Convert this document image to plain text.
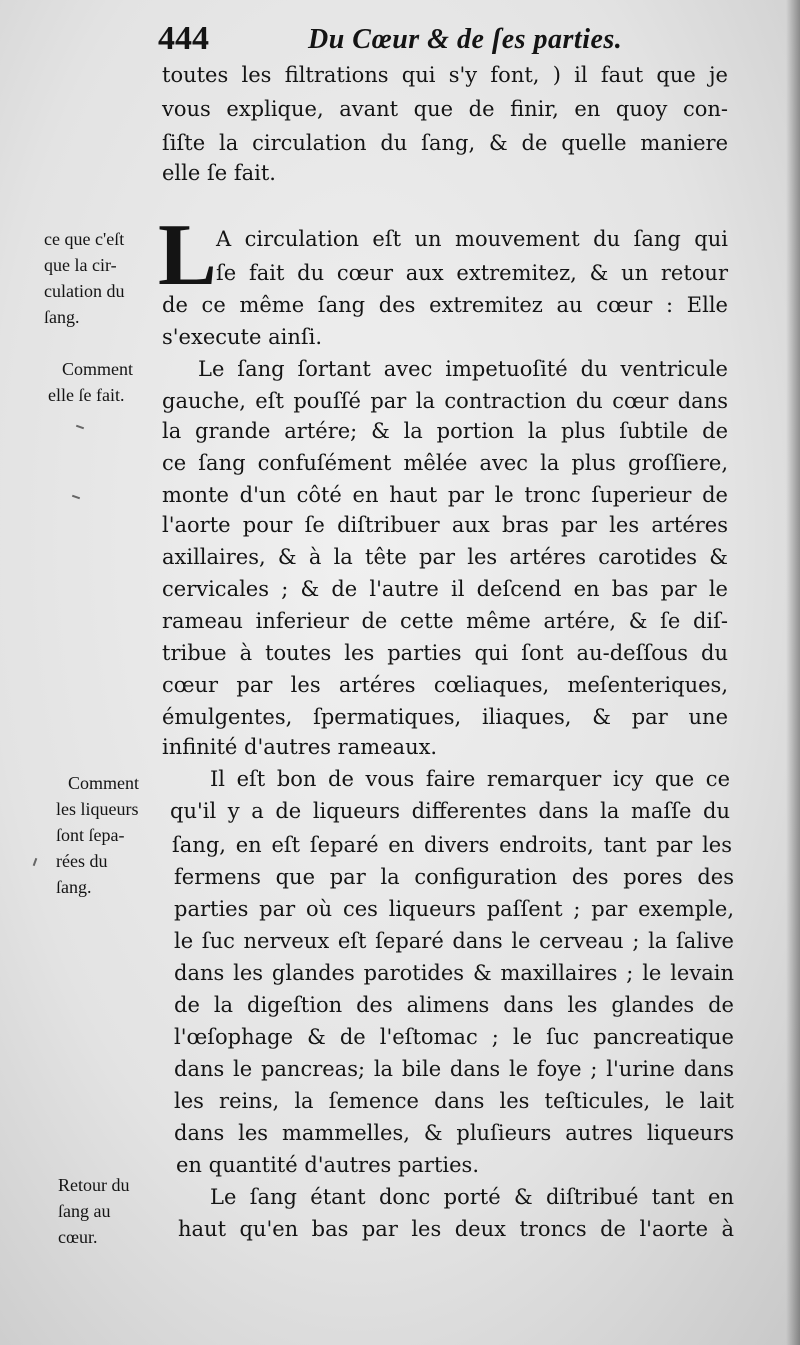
444	Du Cœur & de ſes parties.
toutes les filtrations qui s'y font, ) il faut que je
vous explique, avant que de finir, en quoy con-
ſiſte la circulation du ſang, & de quelle maniere
elle ſe fait.
L A circulation eſt un mouvement du ſang qui
ſe fait du cœur aux extremitez, & un retour
de ce même ſang des extremitez au cœur : Elle
s'execute ainſi.
Le ſang ſortant avec impetuoſité du ventricule
gauche, eſt pouſſé par la contraction du cœur dans
la grande artére; & la portion la plus ſubtile de
ce ſang confuſément mêlée avec la plus groſſiere,
monte d'un côté en haut par le tronc ſuperieur de
l'aorte pour ſe diſtribuer aux bras par les artéres
axillaires, & à la tête par les artéres carotides &
cervicales ; & de l'autre il deſcend en bas par le
rameau inferieur de cette même artére, & ſe diſ-
tribue à toutes les parties qui ſont au-deſſous du
cœur par les artéres cœliaques, meſenteriques,
émulgentes, ſpermatiques, iliaques, & par une
infinité d'autres rameaux.
Il eſt bon de vous faire remarquer icy que ce
qu'il y a de liqueurs differentes dans la maſſe du
ſang, en eſt ſeparé en divers endroits, tant par les
fermens que par la configuration des pores des
parties par où ces liqueurs paſſent ; par exemple,
le ſuc nerveux eſt ſeparé dans le cerveau ; la ſalive
dans les glandes parotides & maxillaires ; le levain
de la digeſtion des alimens dans les glandes de
l'œſophage & de l'eſtomac ; le ſuc pancreatique
dans le pancreas; la bile dans le foye ; l'urine dans
les reins, la ſemence dans les teſticules, le lait
dans les mammelles, & pluſieurs autres liqueurs
en quantité d'autres parties.
Le ſang étant donc porté & diſtribué tant en
haut qu'en bas par les deux troncs de l'aorte à
ce que c'eſt
que la cir-
culation du
ſang.
Comment
elle ſe fait.
Comment
les liqueurs
ſont ſepa-
rées du
ſang.
Retour du
ſang au
cœur.
